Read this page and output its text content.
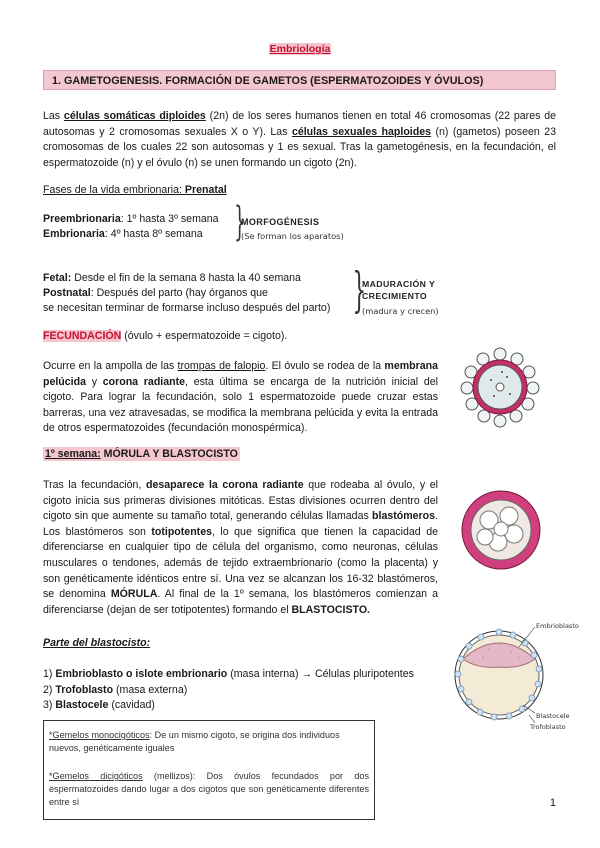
Embriología
1. GAMETOGENESIS. FORMACIÓN DE GAMETOS (ESPERMATOZOIDES Y ÓVULOS)
Las células somáticas diploides (2n) de los seres humanos tienen en total 46 cromosomas (22 pares de autosomas y 2 cromosomas sexuales X o Y). Las células sexuales haploides (n) (gametos) poseen 23 cromosomas de los cuales 22 son autosomas y 1 es sexual. Tras la gametogénesis, en la fecundación, el espermatozoide (n) y el óvulo (n) se unen formando un cigoto (2n).
Fases de la vida embrionaria: Prenatal
Preembrionaria: 1º hasta 3º semana
Embrionaria: 4º hasta 8º semana }
MORFOGÉNESIS
(Se forman los aparatos)
Fetal: Desde el fin de la semana 8 hasta la 40 semana
Postnatal: Después del parto (hay órganos que
se necesitan terminar de formarse incluso después del parto) }
MADURACIÓN Y
CRECIMIENTO
(madura y crecen)
FECUNDACIÓN (óvulo + espermatozoide = cigoto).
Ocurre en la ampolla de las trompas de falopio. El óvulo se rodea de la membrana pelúcida y corona radiante, esta última se encarga de la nutrición inicial del cigoto. Para lograr la fecundación, solo 1 espermatozoide puede cruzar estas barreras, una vez atravesadas, se modifica la membrana pelúcida y evita la entrada de otros espermatozoides (fecundación monospérmica).
1º semana: MÓRULA Y BLASTOCISTO
Tras la fecundación, desaparece la corona radiante que rodeaba al óvulo, y el cigoto inicia sus primeras divisiones mitóticas. Estas divisiones ocurren dentro del cigoto sin que aumente su tamaño total, generando células llamadas blastómeros. Los blastómeros son totipotentes, lo que significa que tienen la capacidad de diferenciarse en cualquier tipo de célula del organismo, como neuronas, células musculares o tendones, además de tejido extraembrionario (como la placenta) y son genéticamente idénticos entre sí. Una vez se alcanzan los 16-32 blastómeros, se denomina MÓRULA. Al final de la 1º semana, los blastómeros comienzan a diferenciarse (dejan de ser totipotentes) formando el BLASTOCISTO.
Parte del blastocisto:
1) Embrioblasto o islote embrionario (masa interna) → Células pluripotentes
2) Trofoblasto (masa externa)
3) Blastocele (cavidad)
Embrioblasto
Blastocele
Trofoblasto
*Gemelos monocigóticos: De un mismo cigoto, se origina dos individuos nuevos, genéticamente iguales
*Gemelos dicigóticos (mellizos): Dos óvulos fecundados por dos espermatozoides dando lugar a dos cigotos que son genéticamente diferentes entre sí	1
